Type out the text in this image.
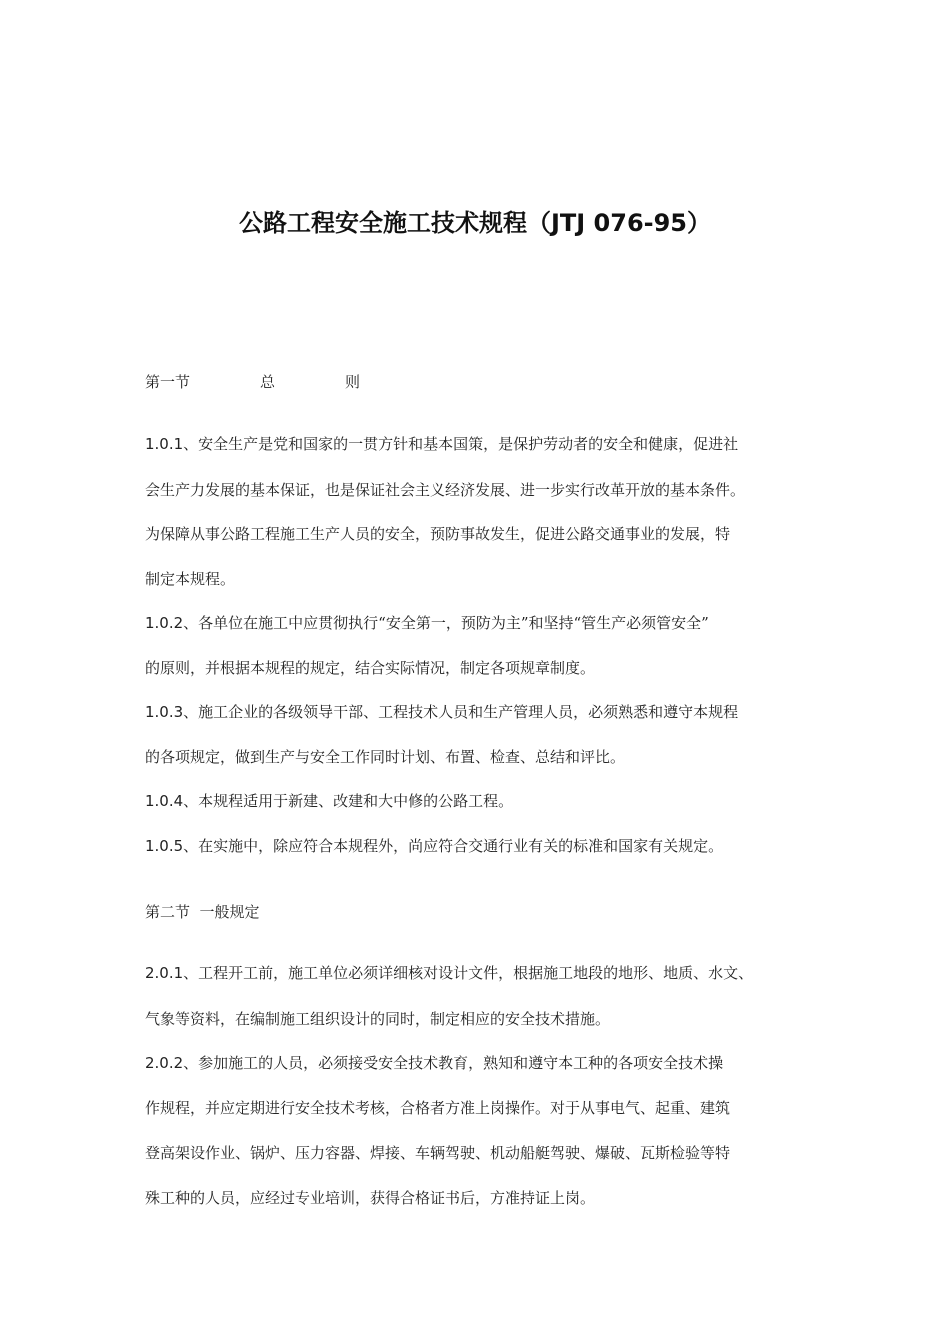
公路工程安全施工技术规程（JTJ 076-95）
第一节	总	则
1.0.1、安全生产是党和国家的一贯方针和基本国策，是保护劳动者的安全和健康，促进社
会生产力发展的基本保证，也是保证社会主义经济发展、进一步实行改革开放的基本条件。
为保障从事公路工程施工生产人员的安全，预防事故发生，促进公路交通事业的发展，特
制定本规程。
1.0.2、各单位在施工中应贯彻执行“安全第一，预防为主”和坚持“管生产必须管安全”
的原则，并根据本规程的规定，结合实际情况，制定各项规章制度。
1.0.3、施工企业的各级领导干部、工程技术人员和生产管理人员，必须熟悉和遵守本规程
的各项规定，做到生产与安全工作同时计划、布置、检查、总结和评比。
1.0.4、本规程适用于新建、改建和大中修的公路工程。
1.0.5、在实施中，除应符合本规程外，尚应符合交通行业有关的标准和国家有关规定。
第二节  一般规定
2.0.1、工程开工前，施工单位必须详细核对设计文件，根据施工地段的地形、地质、水文、
气象等资料，在编制施工组织设计的同时，制定相应的安全技术措施。
2.0.2、参加施工的人员，必须接受安全技术教育，熟知和遵守本工种的各项安全技术操
作规程，并应定期进行安全技术考核，合格者方准上岗操作。对于从事电气、起重、建筑
登高架设作业、锅炉、压力容器、焊接、车辆驾驶、机动船艇驾驶、爆破、瓦斯检验等特
殊工种的人员，应经过专业培训，获得合格证书后，方准持证上岗。
